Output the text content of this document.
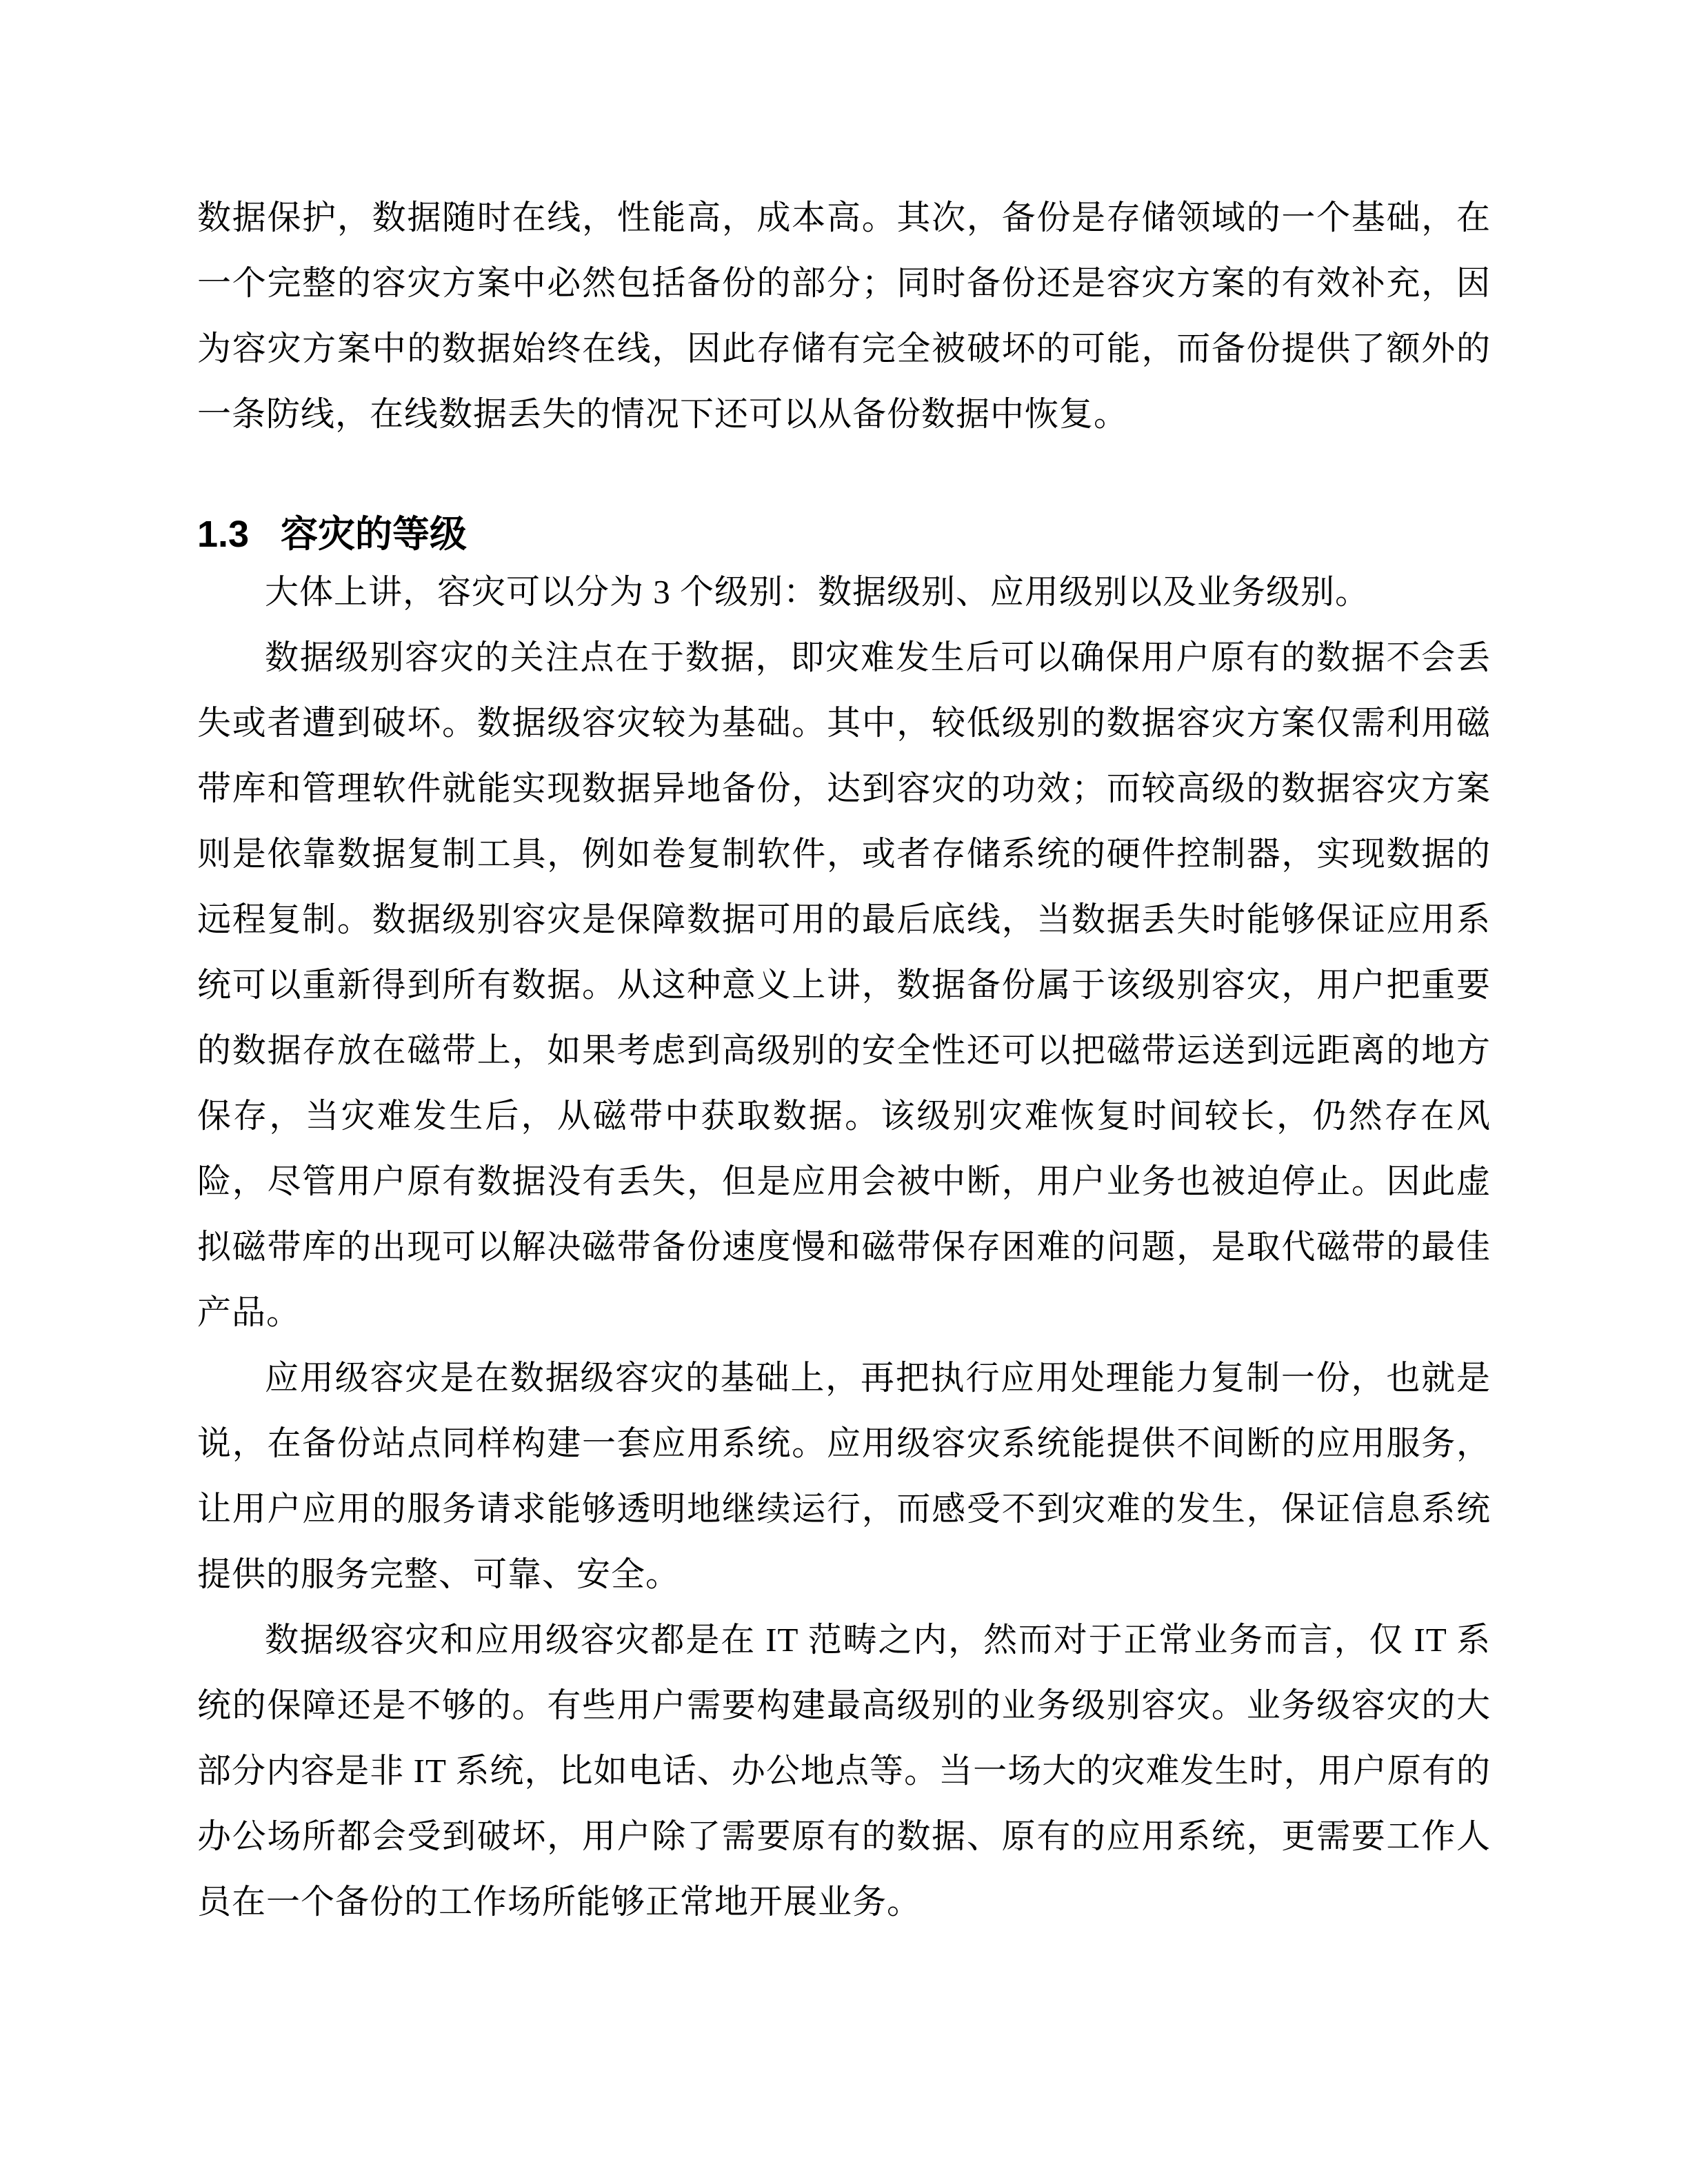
数据保护，数据随时在线，性能高，成本高。其次，备份是存储领域的一个基础，在一个完整的容灾方案中必然包括备份的部分；同时备份还是容灾方案的有效补充，因为容灾方案中的数据始终在线，因此存储有完全被破坏的可能，而备份提供了额外的一条防线，在线数据丢失的情况下还可以从备份数据中恢复。

1.3 容灾的等级

大体上讲，容灾可以分为 3 个级别：数据级别、应用级别以及业务级别。

数据级别容灾的关注点在于数据，即灾难发生后可以确保用户原有的数据不会丢失或者遭到破坏。数据级容灾较为基础。其中，较低级别的数据容灾方案仅需利用磁带库和管理软件就能实现数据异地备份，达到容灾的功效；而较高级的数据容灾方案则是依靠数据复制工具，例如卷复制软件，或者存储系统的硬件控制器，实现数据的远程复制。数据级别容灾是保障数据可用的最后底线，当数据丢失时能够保证应用系统可以重新得到所有数据。从这种意义上讲，数据备份属于该级别容灾，用户把重要的数据存放在磁带上，如果考虑到高级别的安全性还可以把磁带运送到远距离的地方保存，当灾难发生后，从磁带中获取数据。该级别灾难恢复时间较长，仍然存在风险，尽管用户原有数据没有丢失，但是应用会被中断，用户业务也被迫停止。因此虚拟磁带库的出现可以解决磁带备份速度慢和磁带保存困难的问题，是取代磁带的最佳产品。

应用级容灾是在数据级容灾的基础上，再把执行应用处理能力复制一份，也就是说，在备份站点同样构建一套应用系统。应用级容灾系统能提供不间断的应用服务，让用户应用的服务请求能够透明地继续运行，而感受不到灾难的发生，保证信息系统提供的服务完整、可靠、安全。

数据级容灾和应用级容灾都是在 IT 范畴之内，然而对于正常业务而言，仅 IT 系统的保障还是不够的。有些用户需要构建最高级别的业务级别容灾。业务级容灾的大部分内容是非 IT 系统，比如电话、办公地点等。当一场大的灾难发生时，用户原有的办公场所都会受到破坏，用户除了需要原有的数据、原有的应用系统，更需要工作人员在一个备份的工作场所能够正常地开展业务。
